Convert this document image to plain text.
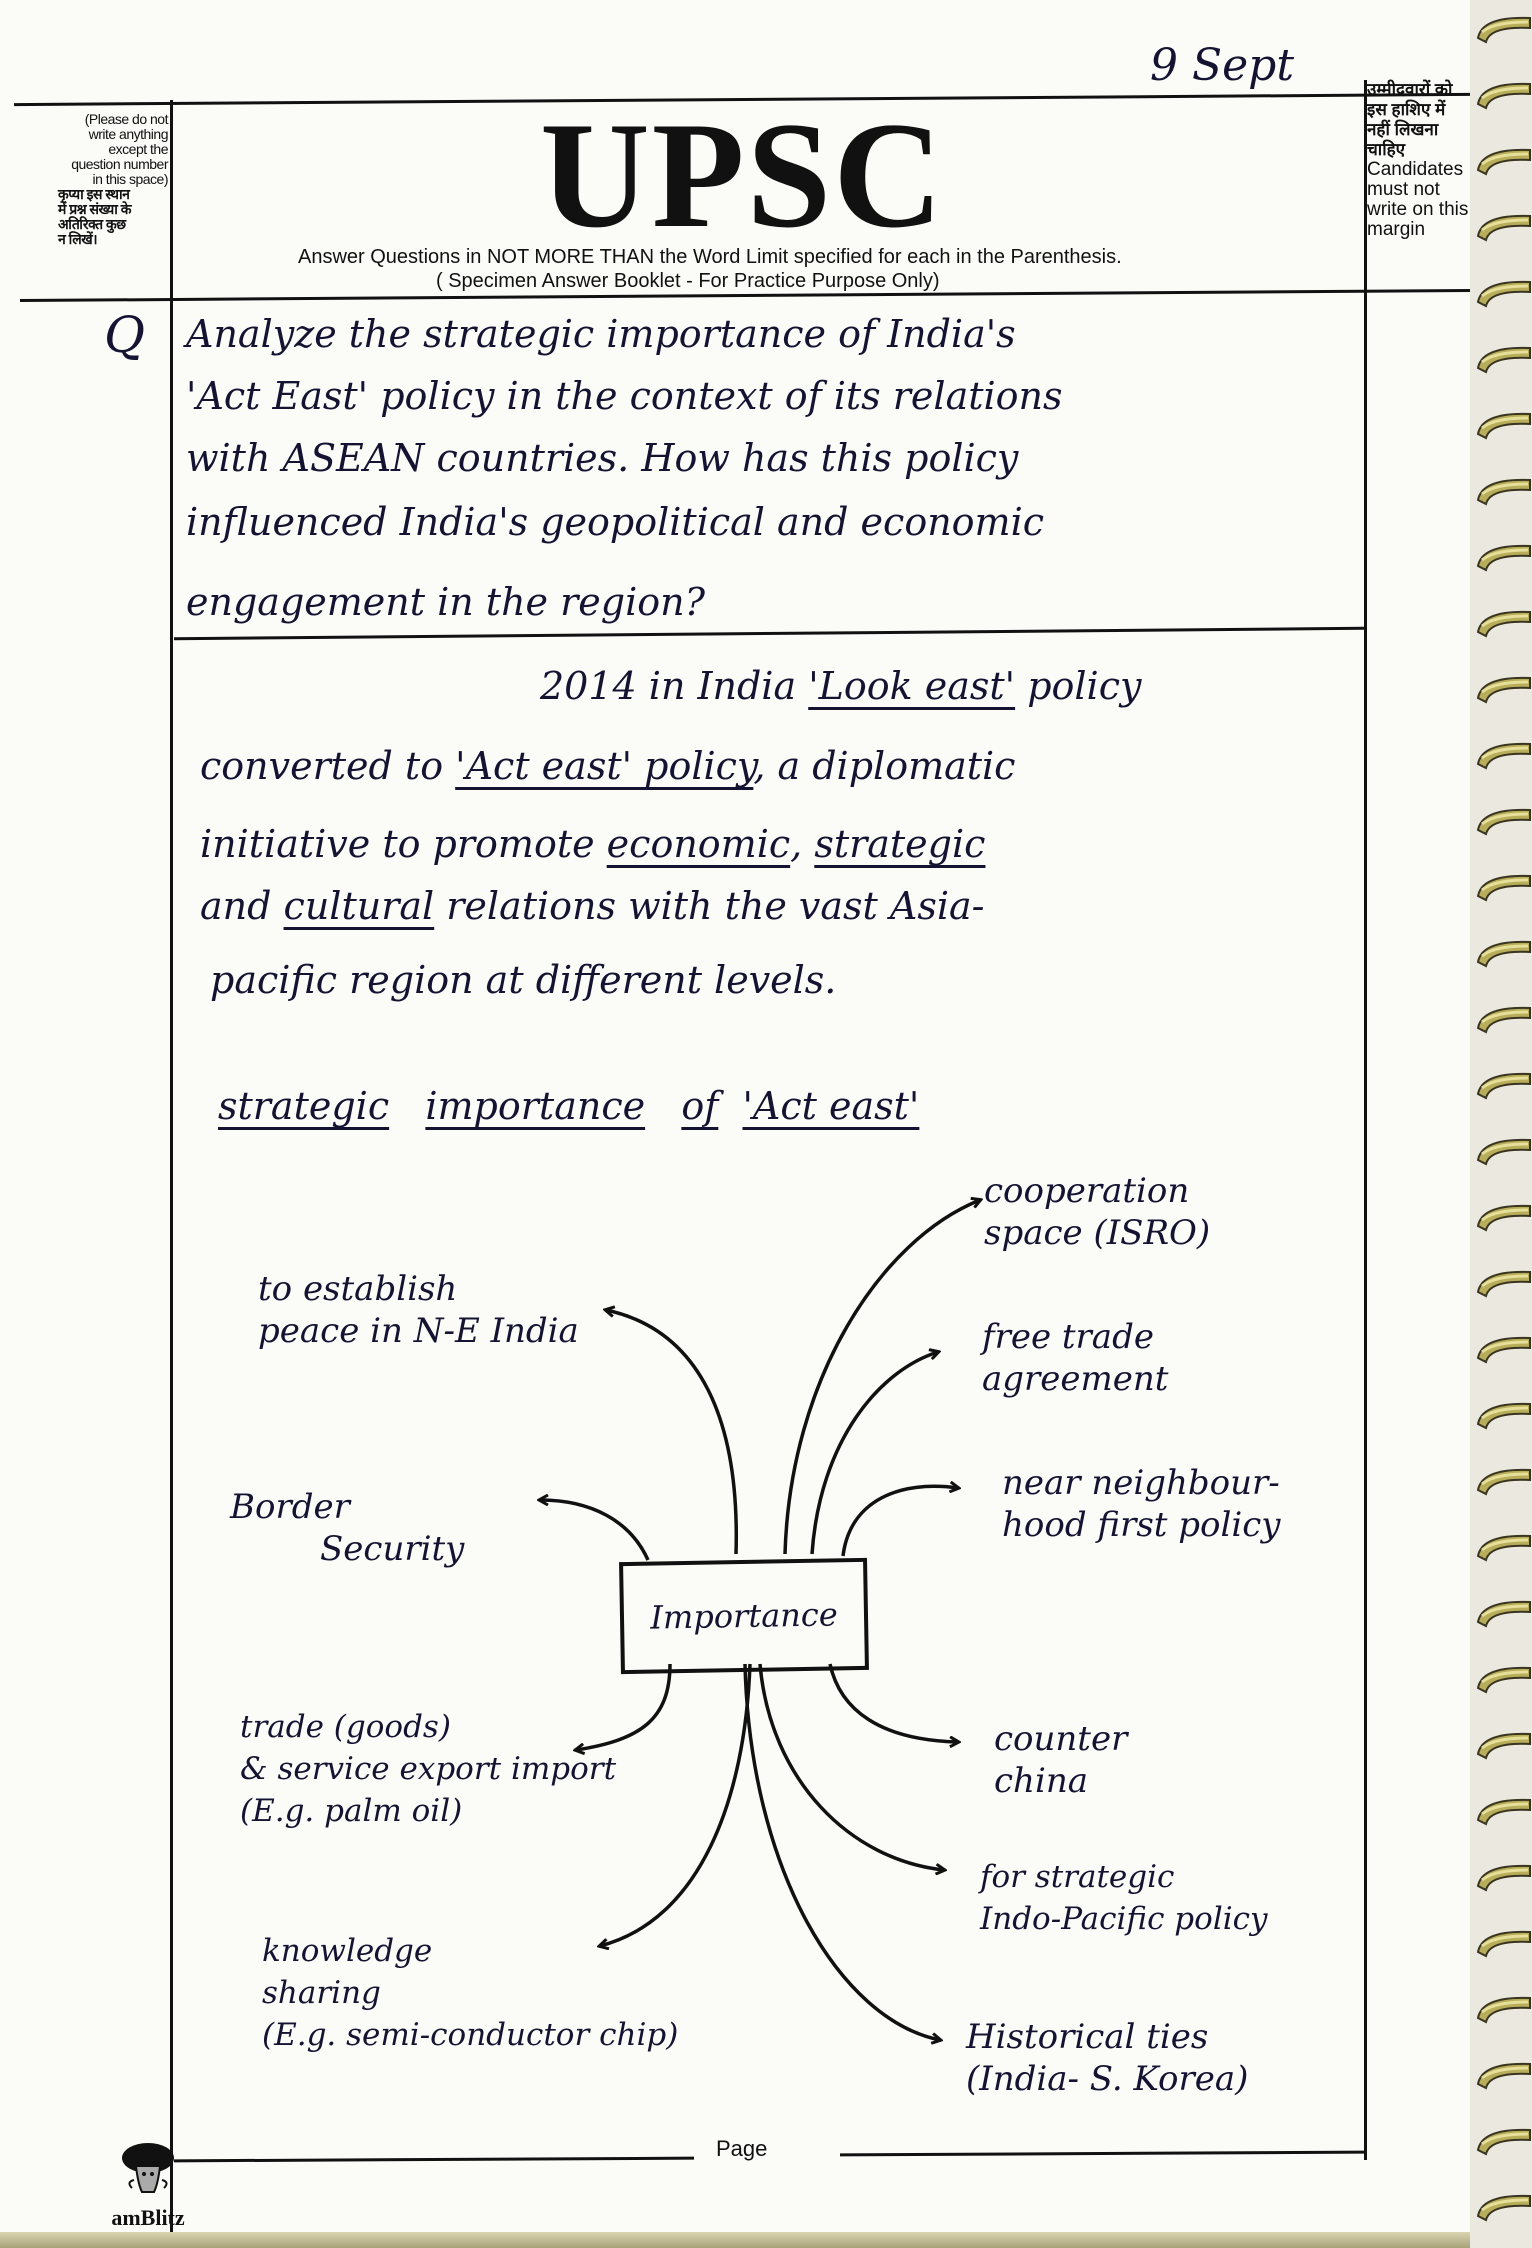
9 Sept
(Please do not
write anything
except the
question number
in this space)
कृप्या इस स्थान
में प्रश्न संख्या के
अतिरिक्त कुछ
न लिखें।	UPSC
Answer Questions in NOT MORE THAN the Word Limit specified for each in the Parenthesis.
( Specimen Answer Booklet - For Practice Purpose Only)
उम्मीदवारों को
इस हाशिए में
नहीं लिखना
चाहिए
Candidates
must not
write on this
margin
Q Analyze the strategic importance of India's
'Act East' policy in the context of its relations
with ASEAN countries. How has this policy
influenced India's geopolitical and economic
engagement in the region?
2014 in India 'Look east' policy
converted to 'Act east' policy, a diplomatic
initiative to promote economic, strategic
and cultural relations with the vast Asia-
pacific region at different levels.
strategic importance of 'Act east'
Importance
to establish
peace in N-E India
Border
Security
trade (goods)
& service export import
(E.g. palm oil)
knowledge
sharing
(E.g. semi-conductor chip)
cooperation
space (ISRO)
free trade
agreement
near neighbour-
hood first policy
counter
china
for strategic
Indo-Pacific policy
Historical ties
(India- S. Korea)
Page
amBlitz
